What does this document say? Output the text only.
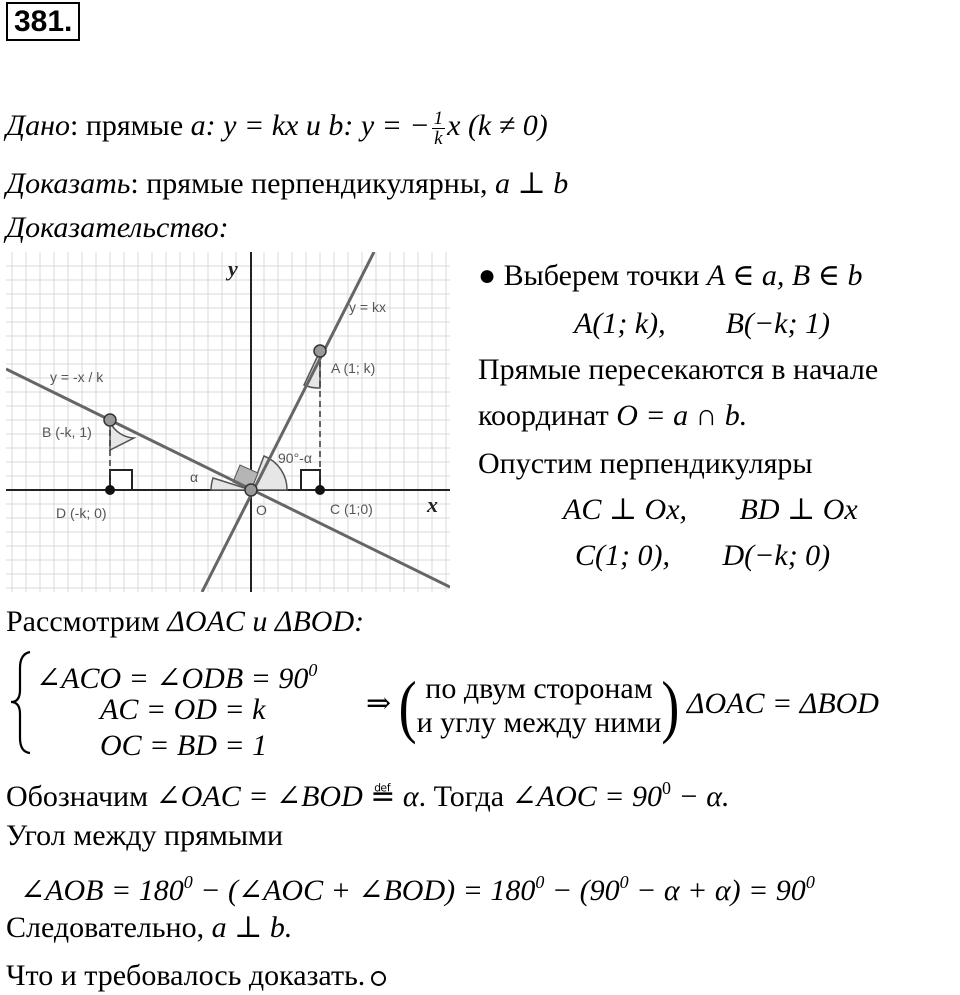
381.
Дано: прямые a: y = kx и b: y = − $\frac{1}{k}$ x (k ≠ 0)
Доказать: прямые перпендикулярны, a ⊥ b
Доказательство:
y
x
y = kx
y = -x / k
A (1; k)
B (-k, 1)
C (1;0)
D (-k; 0)	O
α
90°-α
● Выберем точки A ∈ a, B ∈ b
A(1; k),        B(−k; 1)
Прямые пересекаются в начале
координат O = a ∩ b.
Опустим перпендикуляры
AC ⊥ Ox,       BD ⊥ Ox
C(1; 0),       D(−k; 0)
Рассмотрим ΔOAC и ΔBOD:
∠ACO = ∠ODB = $90^0$
AC = OD = k
OC = BD = 1
⇒ ( по двум сторонам
и углу между ними ) ΔOAC = ΔBOD
Обозначим ∠OAC = ∠BOD ≝ α. Тогда ∠AOC = $90^0 - \alpha$.
Угол между прямыми
∠AOB = $180^0$ − (∠AOC + ∠BOD) = $180^0 - (90^0 - \alpha + \alpha) = 90^0$
Следовательно, a ⊥ b.
Что и требовалось доказать.
